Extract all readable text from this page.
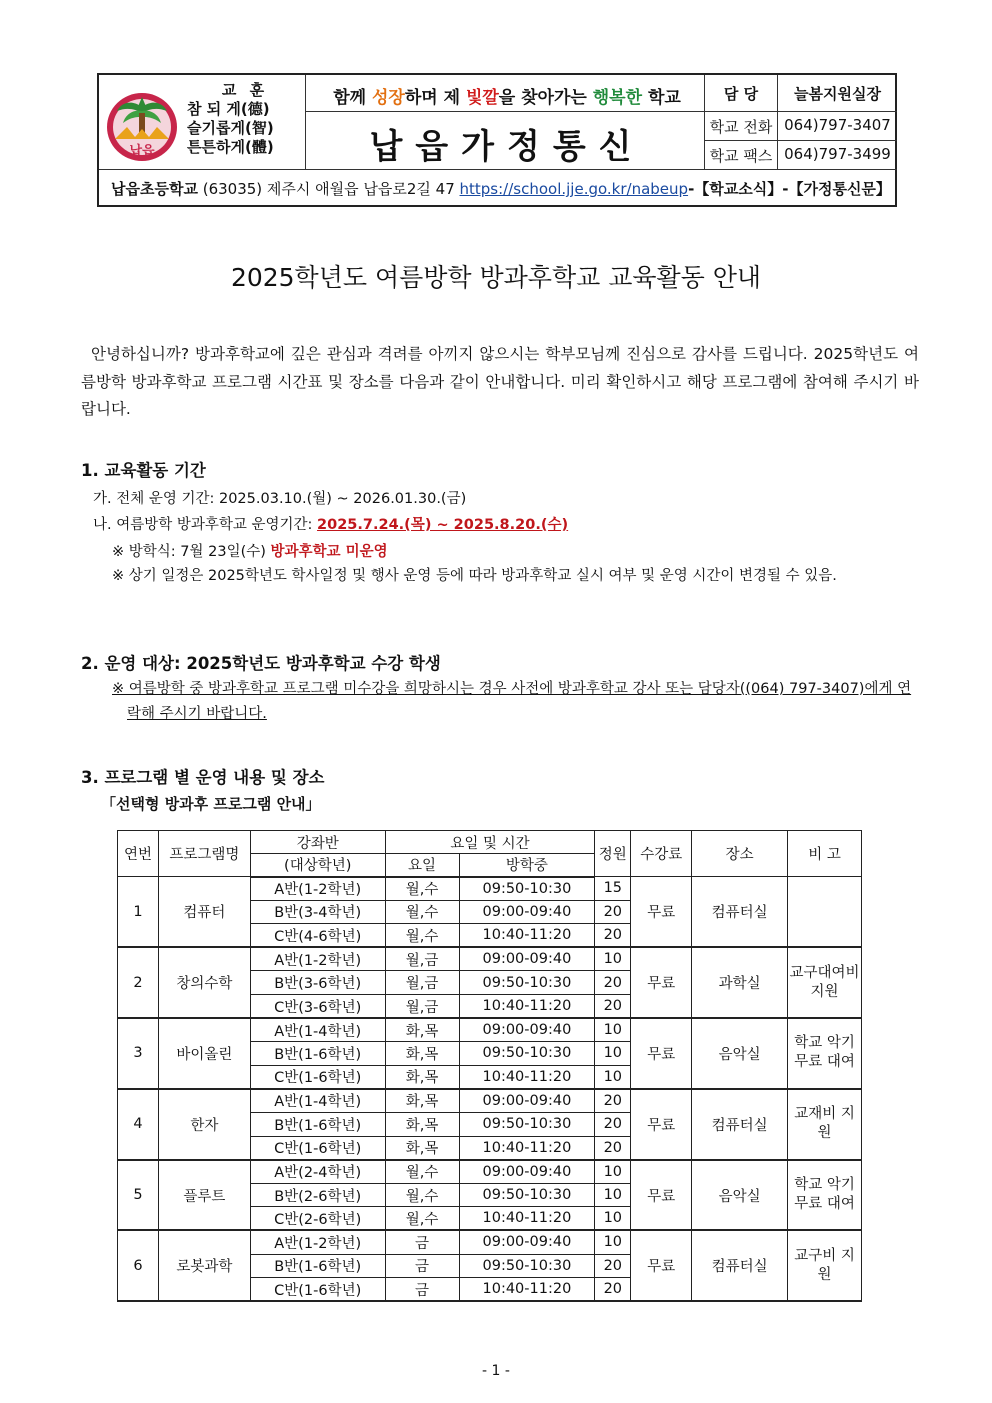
납읍
교 훈
참 되 게(德)
슬기롭게(智)
튼튼하게(體)
함께 성장하며 제 빛깔을 찾아가는 행복한 학교
납읍가정통신
담 당	늘봄지원실장
학교 전화 064)797-3407
학교 팩스 064)797-3499
납읍초등학교 (63035) 제주시 애월읍 납읍로2길 47 https://school.jje.go.kr/nabeup-【학교소식】-【가정통신문】
2025학년도 여름방학 방과후학교 교육활동 안내
안녕하십니까? 방과후학교에 깊은 관심과 격려를 아끼지 않으시는 학부모님께 진심으로 감사를 드립니다. 2025학년도 여름방학 방과후학교 프로그램 시간표 및 장소를 다음과 같이 안내합니다. 미리 확인하시고 해당 프로그램에 참여해 주시기 바랍니다.
1. 교육활동 기간
가. 전체 운영 기간: 2025.03.10.(월) ~ 2026.01.30.(금)
나. 여름방학 방과후학교 운영기간: 2025.7.24.(목) ~ 2025.8.20.(수)
※ 방학식: 7월 23일(수) 방과후학교 미운영
※ 상기 일정은 2025학년도 학사일정 및 행사 운영 등에 따라 방과후학교 실시 여부 및 운영 시간이 변경될 수 있음.
2. 운영 대상: 2025학년도 방과후학교 수강 학생
※ 여름방학 중 방과후학교 프로그램 미수강을 희망하시는 경우 사전에 방과후학교 강사 또는 담당자((064) 797-3407)에게 연락해 주시기 바랍니다.
3. 프로그램 별 운영 내용 및 장소
「선택형 방과후 프로그램 안내」
연번	프로그램명	강좌반	요일 및 시간		정원	수강료	장소	비 고
		(대상학년)	요일	방학중				
1	컴퓨터	A반(1-2학년)	월,수	09:50-10:30	15	무료	컴퓨터실	
		B반(3-4학년)	월,수	09:00-09:40	20			
		C반(4-6학년)	월,수	10:40-11:20	20			
2	창의수학	A반(1-2학년)	월,금	09:00-09:40	10	무료	과학실	교구대여비 지원
		B반(3-6학년)	월,금	09:50-10:30	20			
		C반(3-6학년)	월,금	10:40-11:20	20			
3	바이올린	A반(1-4학년)	화,목	09:00-09:40	10	무료	음악실	학교 악기 무료 대여
		B반(1-6학년)	화,목	09:50-10:30	10			
		C반(1-6학년)	화,목	10:40-11:20	10			
4	한자	A반(1-4학년)	화,목	09:00-09:40	20	무료	컴퓨터실	교재비 지원
		B반(1-6학년)	화,목	09:50-10:30	20			
		C반(1-6학년)	화,목	10:40-11:20	20			
5	플루트	A반(2-4학년)	월,수	09:00-09:40	10	무료	음악실	학교 악기 무료 대여
		B반(2-6학년)	월,수	09:50-10:30	10			
		C반(2-6학년)	월,수	10:40-11:20	10			
6	로봇과학	A반(1-2학년)	금	09:00-09:40	10	무료	컴퓨터실	교구비 지원
		B반(1-6학년)	금	09:50-10:30	20			
		C반(1-6학년)	금	10:40-11:20	20			
- 1 -
